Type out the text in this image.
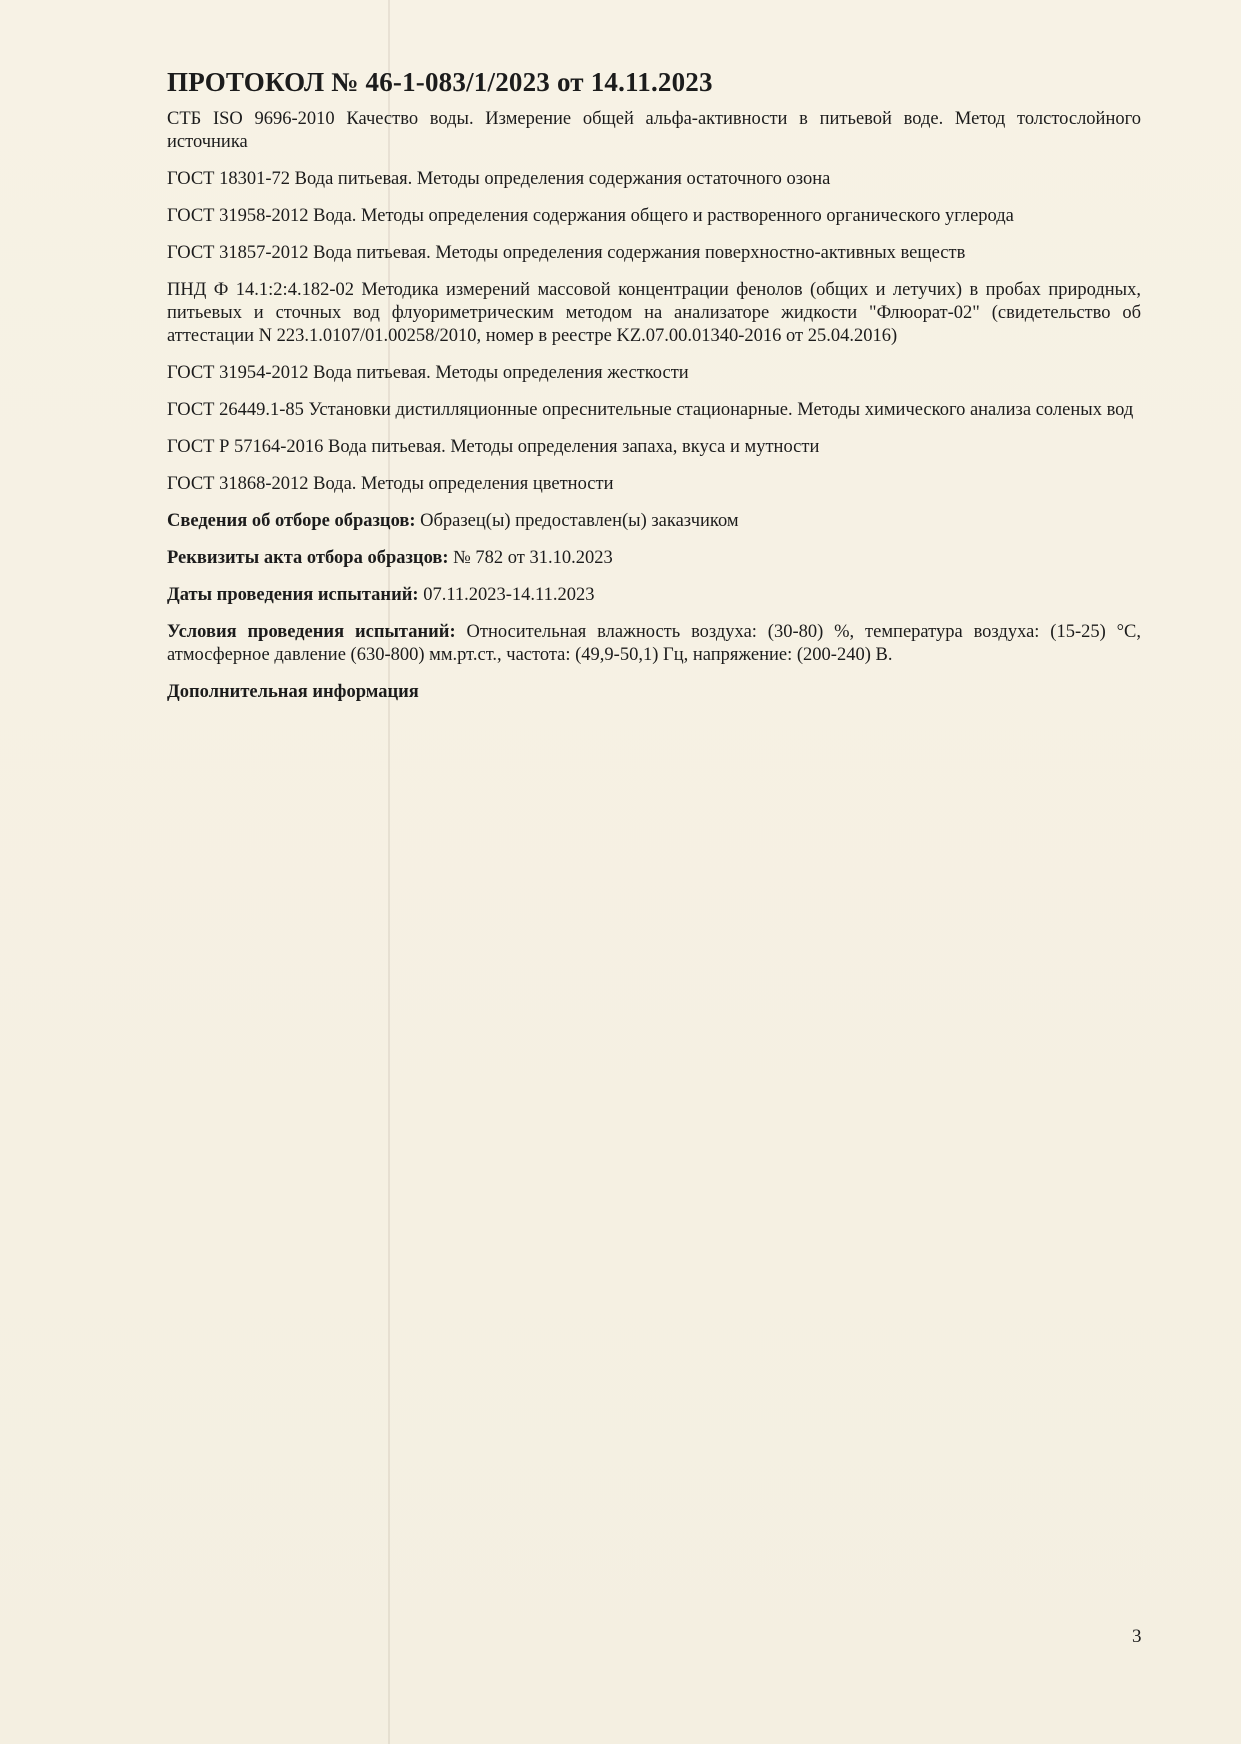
ПРОТОКОЛ № 46-1-083/1/2023 от 14.11.2023

СТБ ISO 9696-2010 Качество воды. Измерение общей альфа-активности в питьевой воде. Метод толстослойного источника

ГОСТ 18301-72 Вода питьевая. Методы определения содержания остаточного озона

ГОСТ 31958-2012 Вода. Методы определения содержания общего и растворенного органического углерода

ГОСТ 31857-2012 Вода питьевая. Методы определения содержания поверхностно-активных веществ

ПНД Ф 14.1:2:4.182-02 Методика измерений массовой концентрации фенолов (общих и летучих) в пробах природных, питьевых и сточных вод флуориметрическим методом на анализаторе жидкости "Флюорат-02" (свидетельство об аттестации N 223.1.0107/01.00258/2010, номер в реестре KZ.07.00.01340-2016 от 25.04.2016)

ГОСТ 31954-2012 Вода питьевая. Методы определения жесткости

ГОСТ 26449.1-85 Установки дистилляционные опреснительные стационарные. Методы химического анализа соленых вод

ГОСТ Р 57164-2016 Вода питьевая. Методы определения запаха, вкуса и мутности

ГОСТ 31868-2012 Вода. Методы определения цветности

Сведения об отборе образцов: Образец(ы) предоставлен(ы) заказчиком

Реквизиты акта отбора образцов: № 782 от 31.10.2023

Даты проведения испытаний: 07.11.2023-14.11.2023

Условия проведения испытаний: Относительная влажность воздуха: (30-80) %, температура воздуха: (15-25) °С, атмосферное давление (630-800) мм.рт.ст., частота: (49,9-50,1) Гц, напряжение: (200-240) В.

Дополнительная информация

3
